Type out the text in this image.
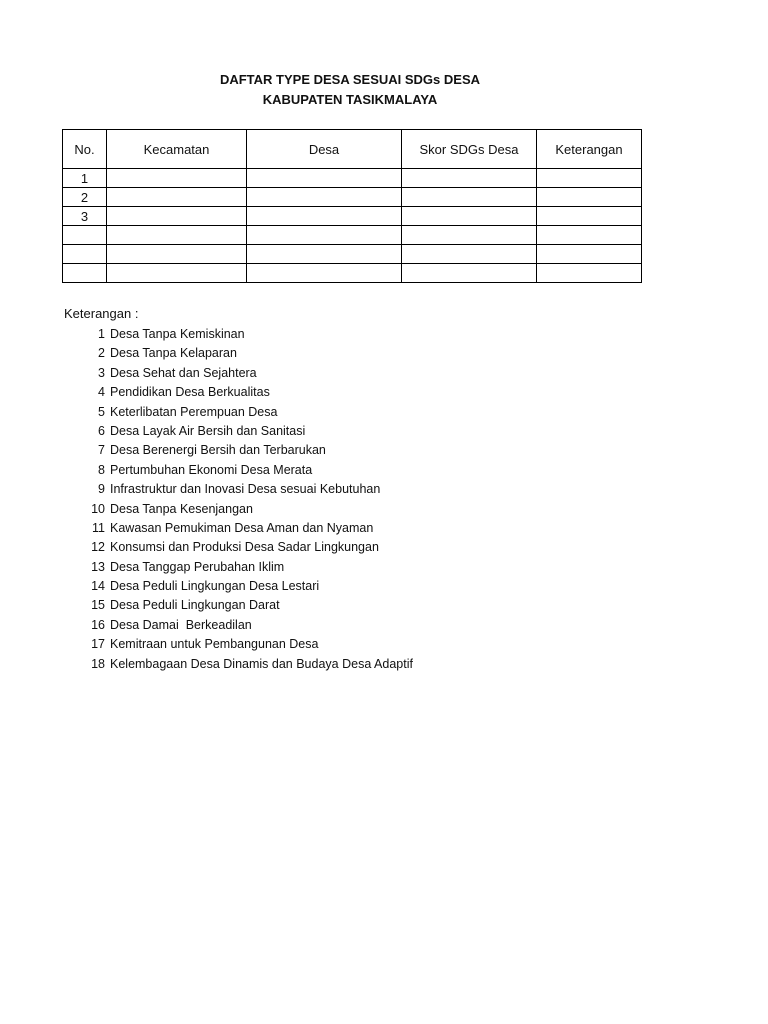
DAFTAR TYPE DESA SESUAI SDGs DESA
KABUPATEN TASIKMALAYA
No.	Kecamatan	Desa	Skor SDGs Desa	Keterangan
1				
2				
3				

Keterangan :
1 Desa Tanpa Kemiskinan
2 Desa Tanpa Kelaparan
3 Desa Sehat dan Sejahtera
4 Pendidikan Desa Berkualitas
5 Keterlibatan Perempuan Desa
6 Desa Layak Air Bersih dan Sanitasi
7 Desa Berenergi Bersih dan Terbarukan
8 Pertumbuhan Ekonomi Desa Merata
9 Infrastruktur dan Inovasi Desa sesuai Kebutuhan
10 Desa Tanpa Kesenjangan
11 Kawasan Pemukiman Desa Aman dan Nyaman
12 Konsumsi dan Produksi Desa Sadar Lingkungan
13 Desa Tanggap Perubahan Iklim
14 Desa Peduli Lingkungan Desa Lestari
15 Desa Peduli Lingkungan Darat
16 Desa Damai  Berkeadilan
17 Kemitraan untuk Pembangunan Desa
18 Kelembagaan Desa Dinamis dan Budaya Desa Adaptif
